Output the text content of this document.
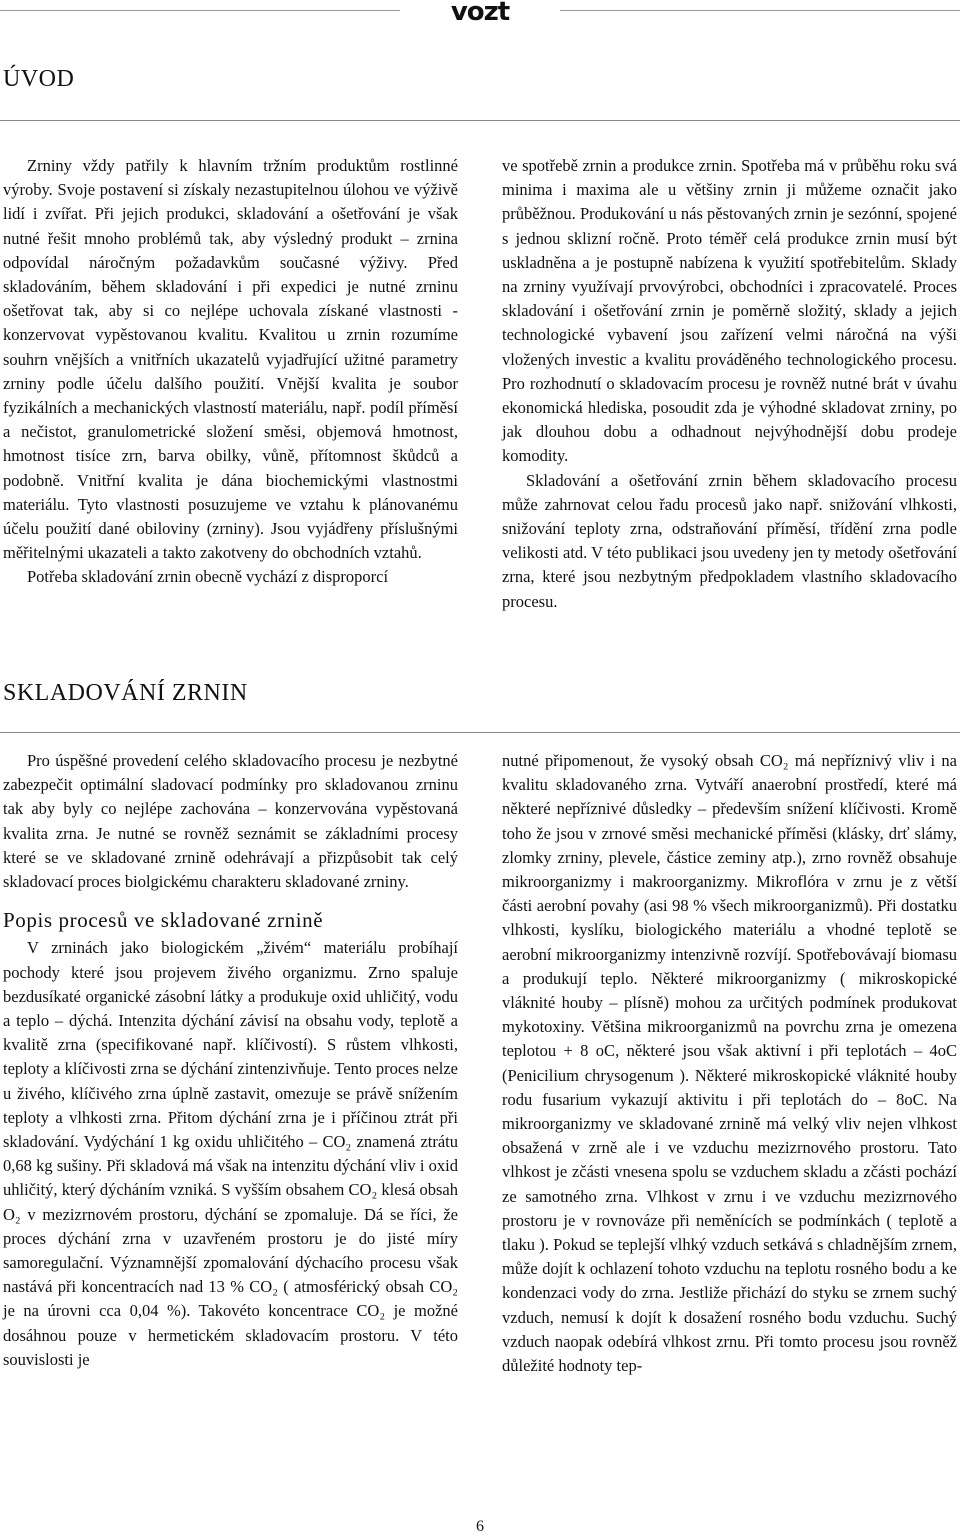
vozt
ÚVOD

Zrniny vždy patřily k hlavním tržním produktům rostlinné výroby. Svoje postavení si získaly nezastupitelnou úlohou ve výživě lidí i zvířat. Při jejich produkci, skladování a ošetřování je však nutné řešit mnoho problémů tak, aby výsledný produkt – zrnina odpovídal náročným požadavkům současné výživy. Před skladováním, během skladování i při expedici je nutné zrninu ošetřovat tak, aby si co nejlépe uchovala získané vlastnosti - konzervovat vypěstovanou kvalitu. Kvalitou u zrnin rozumíme souhrn vnějších a vnitřních ukazatelů vyjadřující užitné parametry zrniny podle účelu dalšího použití. Vnější kvalita je soubor fyzikálních a mechanických vlastností materiálu, např. podíl příměsí a nečistot, granulometrické složení směsi, objemová hmotnost, hmotnost tisíce zrn, barva obilky, vůně, přítomnost škůdců a podobně. Vnitřní kvalita je dána biochemickými vlastnostmi materiálu. Tyto vlastnosti posuzujeme ve vztahu k plánovanému účelu použití dané obiloviny (zrniny). Jsou vyjádřeny příslušnými měřitelnými ukazateli a takto zakotveny do obchodních vztahů.

Potřeba skladování zrnin obecně vychází z disproporcí

ve spotřebě zrnin a produkce zrnin. Spotřeba má v průběhu roku svá minima i maxima ale u většiny zrnin ji můžeme označit jako průběžnou. Produkování u nás pěstovaných zrnin je sezónní, spojené s jednou sklizní ročně. Proto téměř celá produkce zrnin musí být uskladněna a je postupně nabízena k využití spotřebitelům. Sklady na zrniny využívají prvovýrobci, obchodníci i zpracovatelé. Proces skladování i ošetřování zrnin je poměrně složitý, sklady a jejich technologické vybavení jsou zařízení velmi náročná na výši vložených investic a kvalitu prováděného technologického procesu. Pro rozhodnutí o skladovacím procesu je rovněž nutné brát v úvahu ekonomická hlediska, posoudit zda je výhodné skladovat zrniny, po jak dlouhou dobu a odhadnout nejvýhodnější dobu prodeje komodity.

Skladování a ošetřování zrnin během skladovacího procesu může zahrnovat celou řadu procesů jako např. snižování vlhkosti, snižování teploty zrna, odstraňování příměsí, třídění zrna podle velikosti atd. V této publikaci jsou uvedeny jen ty metody ošetřování zrna, které jsou nezbytným předpokladem vlastního skladovacího procesu.

SKLADOVÁNÍ ZRNIN

Pro úspěšné provedení celého skladovacího procesu je nezbytné zabezpečit optimální sladovací podmínky pro skladovanou zrninu tak aby byly co nejlépe zachována – konzervována vypěstovaná kvalita zrna. Je nutné se rovněž seznámit se základními procesy které se ve skladované zrnině odehrávají a přizpůsobit tak celý skladovací proces biolgickému charakteru skladované zrniny.

Popis procesů ve skladované zrnině

V zrninách jako biologickém „živém“ materiálu probíhají pochody které jsou projevem živého organizmu. Zrno spaluje bezdusíkaté organické zásobní látky a produkuje oxid uhličitý, vodu a teplo – dýchá. Intenzita dýchání závisí na obsahu vody, teplotě a kvalitě zrna (specifikované např. klíčivostí). S růstem vlhkosti, teploty a klíčivosti zrna se dýchání zintenzivňuje. Tento proces nelze u živého, klíčivého zrna úplně zastavit, omezuje se právě snížením teploty a vlhkosti zrna. Přitom dýchání zrna je i příčinou ztrát při skladování. Vydýchání 1 kg oxidu uhličitého – CO₂ znamená ztrátu 0,68 kg sušiny. Při skladová má však na intenzitu dýchání vliv i oxid uhličitý, který dýcháním vzniká. S vyšším obsahem CO₂ klesá obsah O₂ v mezizrnovém prostoru, dýchání se zpomaluje. Dá se říci, že proces dýchání zrna v uzavřeném prostoru je do jisté míry samoregulační. Významnější zpomalování dýchacího procesu však nastává při koncentracích nad 13 % CO₂ ( atmosférický obsah CO₂ je na úrovni cca 0,04 %). Takovéto koncentrace CO₂ je možné dosáhnou pouze v hermetickém skladovacím prostoru. V této souvislosti je

nutné připomenout, že vysoký obsah CO₂ má nepříznivý vliv i na kvalitu skladovaného zrna. Vytváří anaerobní prostředí, které má některé nepříznivé důsledky – především snížení klíčivosti. Kromě toho že jsou v zrnové směsi mechanické příměsi (klásky, drť slámy, zlomky zrniny, plevele, částice zeminy atp.), zrno rovněž obsahuje mikroorganizmy i makroorganizmy. Mikroflóra v zrnu je z větší části aerobní povahy (asi 98 % všech mikroorganizmů). Při dostatku vlhkosti, kyslíku, biologického materiálu a vhodné teplotě se aerobní mikroorganizmy intenzivně rozvíjí. Spotřebovávají biomasu a produkují teplo. Některé mikroorganizmy ( mikroskopické vláknité houby – plísně) mohou za určitých podmínek produkovat mykotoxiny. Většina mikroorganizmů na povrchu zrna je omezena teplotou + 8 oC, některé jsou však aktivní i při teplotách – 4oC (Penicilium chrysogenum ). Některé mikroskopické vláknité houby rodu fusarium vykazují aktivitu i při teplotách do – 8oC. Na mikroorganizmy ve skladované zrnině má velký vliv nejen vlhkost obsažená v zrně ale i ve vzduchu mezizrnového prostoru. Tato vlhkost je zčásti vnesena spolu se vzduchem skladu a zčásti pochází ze samotného zrna. Vlhkost v zrnu i ve vzduchu mezizrnového prostoru je v rovnováze při neměnících se podmínkách ( teplotě a tlaku ). Pokud se teplejší vlhký vzduch setkává s chladnějším zrnem, může dojít k ochlazení tohoto vzduchu na teplotu rosného bodu a ke kondenzaci vody do zrna. Jestliže přichází do styku se zrnem suchý vzduch, nemusí k dojít k dosažení rosného bodu vzduchu. Suchý vzduch naopak odebírá vlhkost zrnu. Při tomto procesu jsou rovněž důležité hodnoty tep-

6
